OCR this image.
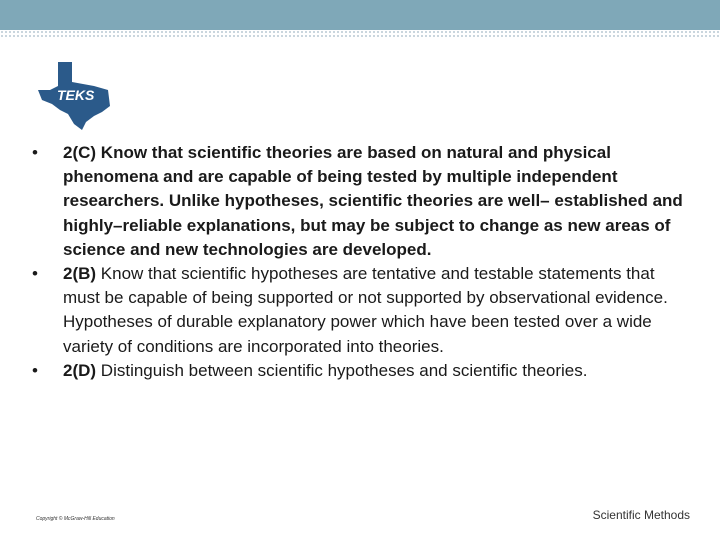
TEKS
• 2(C) Know that scientific theories are based on natural and physical phenomena and are capable of being tested by multiple independent researchers. Unlike hypotheses, scientific theories are well– established and highly–reliable explanations, but may be subject to change as new areas of science and new technologies are developed.
• 2(B) Know that scientific hypotheses are tentative and testable statements that must be capable of being supported or not supported by observational evidence. Hypotheses of durable explanatory power which have been tested over a wide variety of conditions are incorporated into theories.
• 2(D) Distinguish between scientific hypotheses and scientific theories.
Copyright © McGraw-Hill Education	Scientific Methods
